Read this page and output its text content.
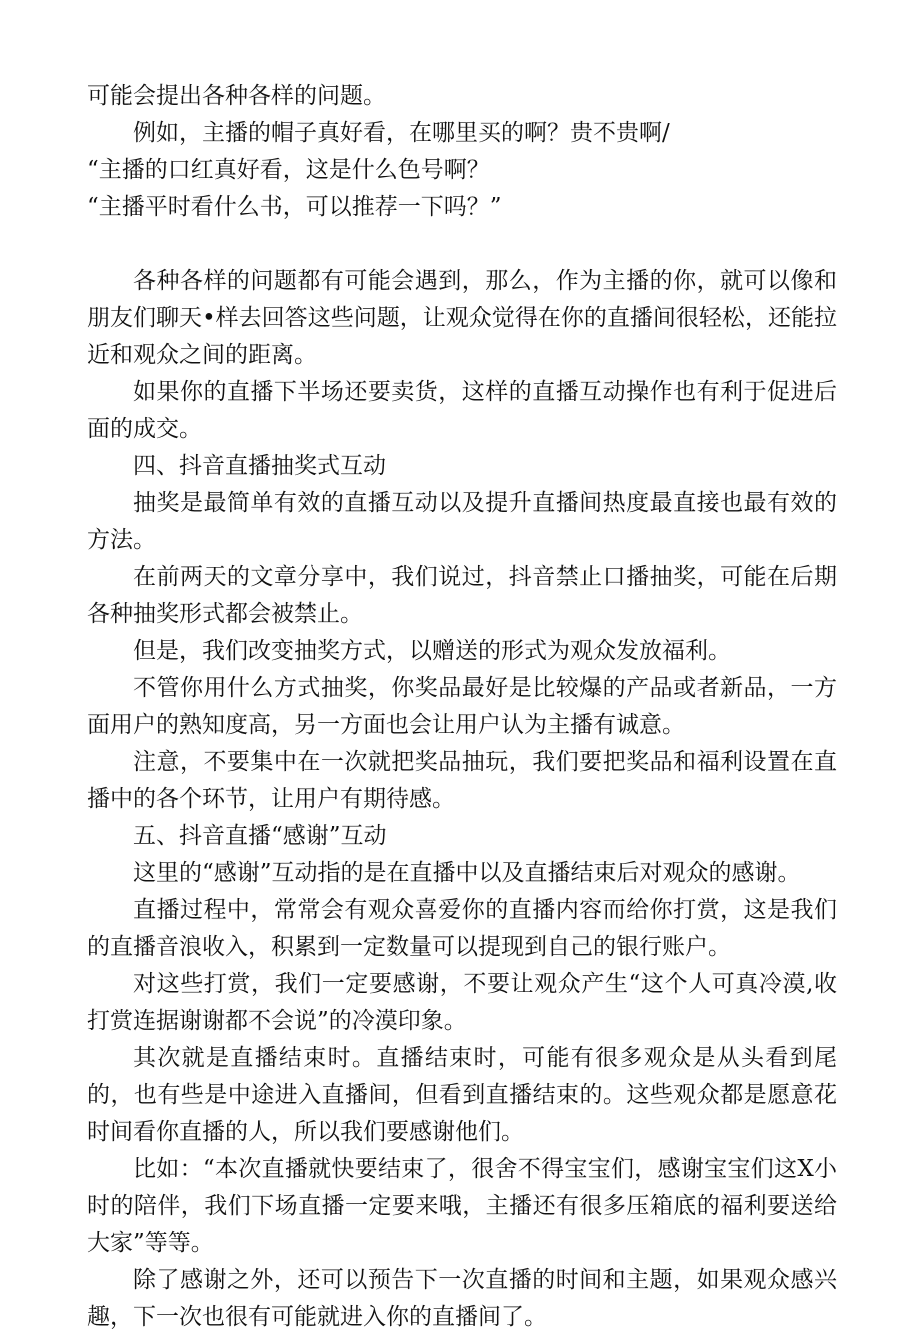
可能会提出各种各样的问题。

例如，主播的帽子真好看，在哪里买的啊？贵不贵啊/

“主播的口红真好看，这是什么色号啊？

“主播平时看什么书，可以推荐一下吗？”

各种各样的问题都有可能会遇到，那么，作为主播的你，就可以像和朋友们聊天•样去回答这些问题，让观众觉得在你的直播间很轻松，还能拉近和观众之间的距离。

如果你的直播下半场还要卖货，这样的直播互动操作也有利于促进后面的成交。

四、抖音直播抽奖式互动

抽奖是最简单有效的直播互动以及提升直播间热度最直接也最有效的方法。

在前两天的文章分享中，我们说过，抖音禁止口播抽奖，可能在后期各种抽奖形式都会被禁止。

但是，我们改变抽奖方式，以赠送的形式为观众发放福利。

不管你用什么方式抽奖，你奖品最好是比较爆的产品或者新品，一方面用户的熟知度高，另一方面也会让用户认为主播有诚意。

注意，不要集中在一次就把奖品抽玩，我们要把奖品和福利设置在直播中的各个环节，让用户有期待感。

五、抖音直播“感谢”互动

这里的“感谢”互动指的是在直播中以及直播结束后对观众的感谢。

直播过程中，常常会有观众喜爱你的直播内容而给你打赏，这是我们的直播音浪收入，积累到一定数量可以提现到自己的银行账户。

对这些打赏，我们一定要感谢，不要让观众产生“这个人可真冷漠,收打赏连据谢谢都不会说”的冷漠印象。

其次就是直播结束时。直播结束时，可能有很多观众是从头看到尾的，也有些是中途进入直播间，但看到直播结束的。这些观众都是愿意花时间看你直播的人，所以我们要感谢他们。

比如：“本次直播就快要结束了，很舍不得宝宝们，感谢宝宝们这X小时的陪伴，我们下场直播一定要来哦，主播还有很多压箱底的福利要送给大家”等等。

除了感谢之外，还可以预告下一次直播的时间和主题，如果观众感兴趣，下一次也很有可能就进入你的直播间了。
